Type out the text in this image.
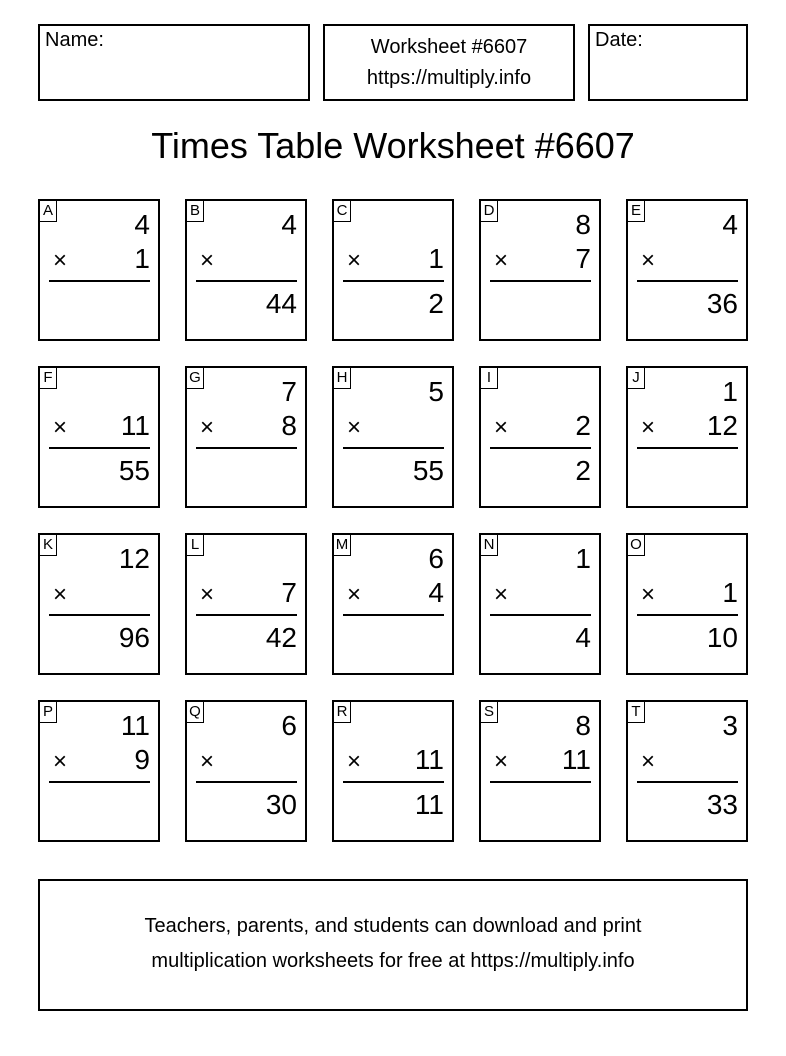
Name:	Worksheet #6607
https://multiply.info
Date:
Times Table Worksheet #6607
A	4
× 1
B	4
×
44
C
× 1
2
D	8
× 7
E	4
×
36
F
× 11
55
G	7
× 8
H	5
×
55
I
× 2
2
J	1
× 12
K 12
×
96
L
× 7
42
M	6
× 4
N	1
×
4
O
× 1
10
P 11
× 9
Q	6
×
30
R
× 11
11
S	8
× 11
T	3
×
33
Teachers, parents, and students can download and print
multiplication worksheets for free at https://multiply.info
